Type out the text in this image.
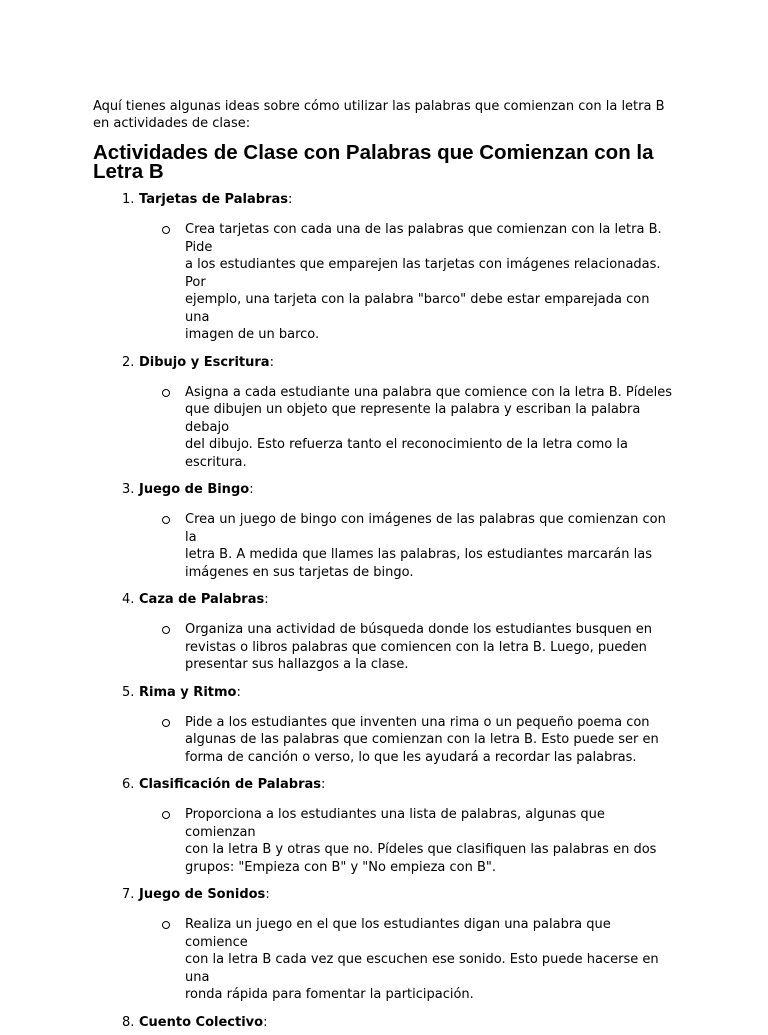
Aquí tienes algunas ideas sobre cómo utilizar las palabras que comienzan con la letra B en actividades de clase:

Actividades de Clase con Palabras que Comienzan con la Letra B
1. Tarjetas de Palabras:
Crea tarjetas con cada una de las palabras que comienzan con la letra B. Pide
a los estudiantes que emparejen las tarjetas con imágenes relacionadas. Por
ejemplo, una tarjeta con la palabra "barco" debe estar emparejada con una
imagen de un barco.
2. Dibujo y Escritura:
Asigna a cada estudiante una palabra que comience con la letra B. Pídeles
que dibujen un objeto que represente la palabra y escriban la palabra debajo
del dibujo. Esto refuerza tanto el reconocimiento de la letra como la
escritura.
3. Juego de Bingo:
Crea un juego de bingo con imágenes de las palabras que comienzan con la
letra B. A medida que llames las palabras, los estudiantes marcarán las
imágenes en sus tarjetas de bingo.
4. Caza de Palabras:
Organiza una actividad de búsqueda donde los estudiantes busquen en
revistas o libros palabras que comiencen con la letra B. Luego, pueden
presentar sus hallazgos a la clase.
5. Rima y Ritmo:
Pide a los estudiantes que inventen una rima o un pequeño poema con
algunas de las palabras que comienzan con la letra B. Esto puede ser en
forma de canción o verso, lo que les ayudará a recordar las palabras.
6. Clasificación de Palabras:
Proporciona a los estudiantes una lista de palabras, algunas que comienzan
con la letra B y otras que no. Pídeles que clasifiquen las palabras en dos
grupos: "Empieza con B" y "No empieza con B".
7. Juego de Sonidos:
Realiza un juego en el que los estudiantes digan una palabra que comience
con la letra B cada vez que escuchen ese sonido. Esto puede hacerse en una
ronda rápida para fomentar la participación.
8. Cuento Colectivo:
